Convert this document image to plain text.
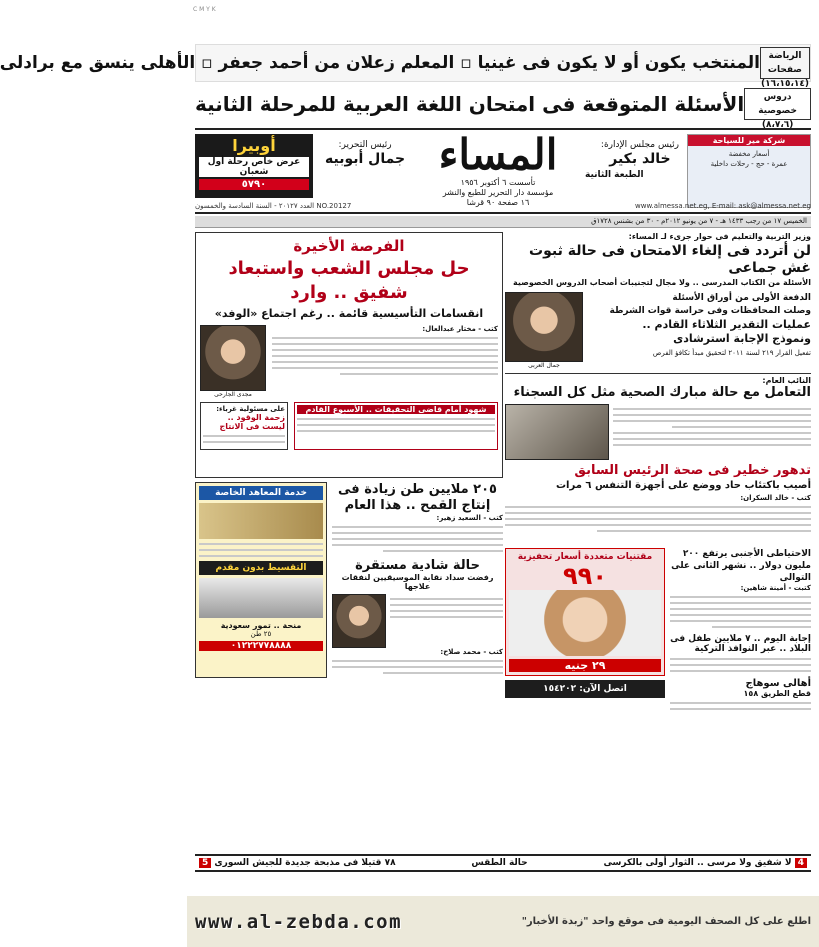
C M Y K
الرياضة صفحات
(١٦،١٥،١٤)
المنتخب يكون أو لا يكون فى غينيا ▫ المعلم زعلان من أحمد جعفر ▫ الأهلى ينسق مع برادلى
دروس خصوصية
(٨،٧،٦)
الأسئلة المتوقعة فى امتحان اللغة العربية للمرحلة الثانية
شركة مير للسياحة
أسعار مخفضة
عمرة - حج - رحلات داخلية
رئيس مجلس الإدارة:
خالد بكير
الطبعة الثانية
المساء
تأسست ٦ أكتوبر ١٩٥٦
مؤسسة دار التحرير للطبع والنشر
١٦ صفحة ٩٠ قرشا
رئيس التحرير:
جمال أبوبيه
أوبيرا
عرض خاص رحلة أول شعبان
٥٧٩٠
العدد ٢٠١٢٧ - السنة السادسة والخمسون NO.20127	www.almessa.net.eg, E-mail: ask@almessa.net.eg
الخميس ١٧ من رجب ١٤٣٣ هـ - ٧ من يونيو ٢٠١٢م - ٣٠ من بشنس ١٧٢٨ق
وزير التربية والتعليم فى حوار جرىء لـ المساء:
لن أتردد فى إلغاء الامتحان فى حالة ثبوت غش جماعى
الأسئلة من الكتاب المدرسى .. ولا مجال لتجنيبات أصحاب الدروس الخصوصية
الدفعة الأولى من أوراق الأسئلة
وصلت المحافظات وفى حراسة قوات الشرطة
عمليات التقدير الثلاثاء القادم ..
ونموذج الإجابة استرشادى
تفعيل القرار ٢١٩ لسنة ٢٠١١ لتحقيق مبدأ تكافؤ الفرص
جمال العربى
النائب العام:
التعامل مع حالة مبارك الصحية مثل كل السجناء
تدهور خطير فى صحة الرئيس السابق
أصيب باكتئاب حاد ووضع على أجهزة التنفس ٦ مرات
كتب - خالد السكران:
الفرصة الأخيرة
حل مجلس الشعب واستبعاد شفيق .. وارد
انقسامات التأسيسية قائمة .. رغم اجتماع «الوفد»
كتب - مختار عبدالعال:
مجدى الجارحى
شهود أمام قاضى التحقيقات .. الأسبوع القادم
على مسئولية غرباء:
زحمة الوقود .. ليست فى الانتاج
٢٠٥ ملايين طن زيادة فى إنتاج القمح .. هذا العام
كتب - السعيد زهير:
حالة شادية مستقرة
رفضت سداد نقابة الموسيقيين لنفقات علاجها
كتب - محمد صلاح:
خدمة المعاهد الخاصة
التقسيط بدون مقدم
منحة .. تمور سعودية
٢٥ طن
٠١٢٢٢٧٧٨٨٨٨
الاحتياطى الأجنبى يرتفع ٢٠٠ مليون دولار .. نشهر الثانى على التوالى
كتبت - أمينة شاهين:
إجابة اليوم .. ٧ ملايين طفل فى البلاد .. عبر النوافذ التركية
أهالى سوهاج
قطع الطريق ١٥٨
مقتنيات متعددة أسعار تحفيزية
٩٩٠
٢٩ جنيه
اتصل الآن: ١٥٤٢٠٢
4 لا شفيق ولا مرسى .. الثوار أولى بالكرسى
حالة الطقس
٧٨ قتيلا فى مذبحة جديدة للجيش السورى 5
اطلع على كل الصحف اليومية فى موقع واحد "زبدة الأخبار"
www.al-zebda.com
